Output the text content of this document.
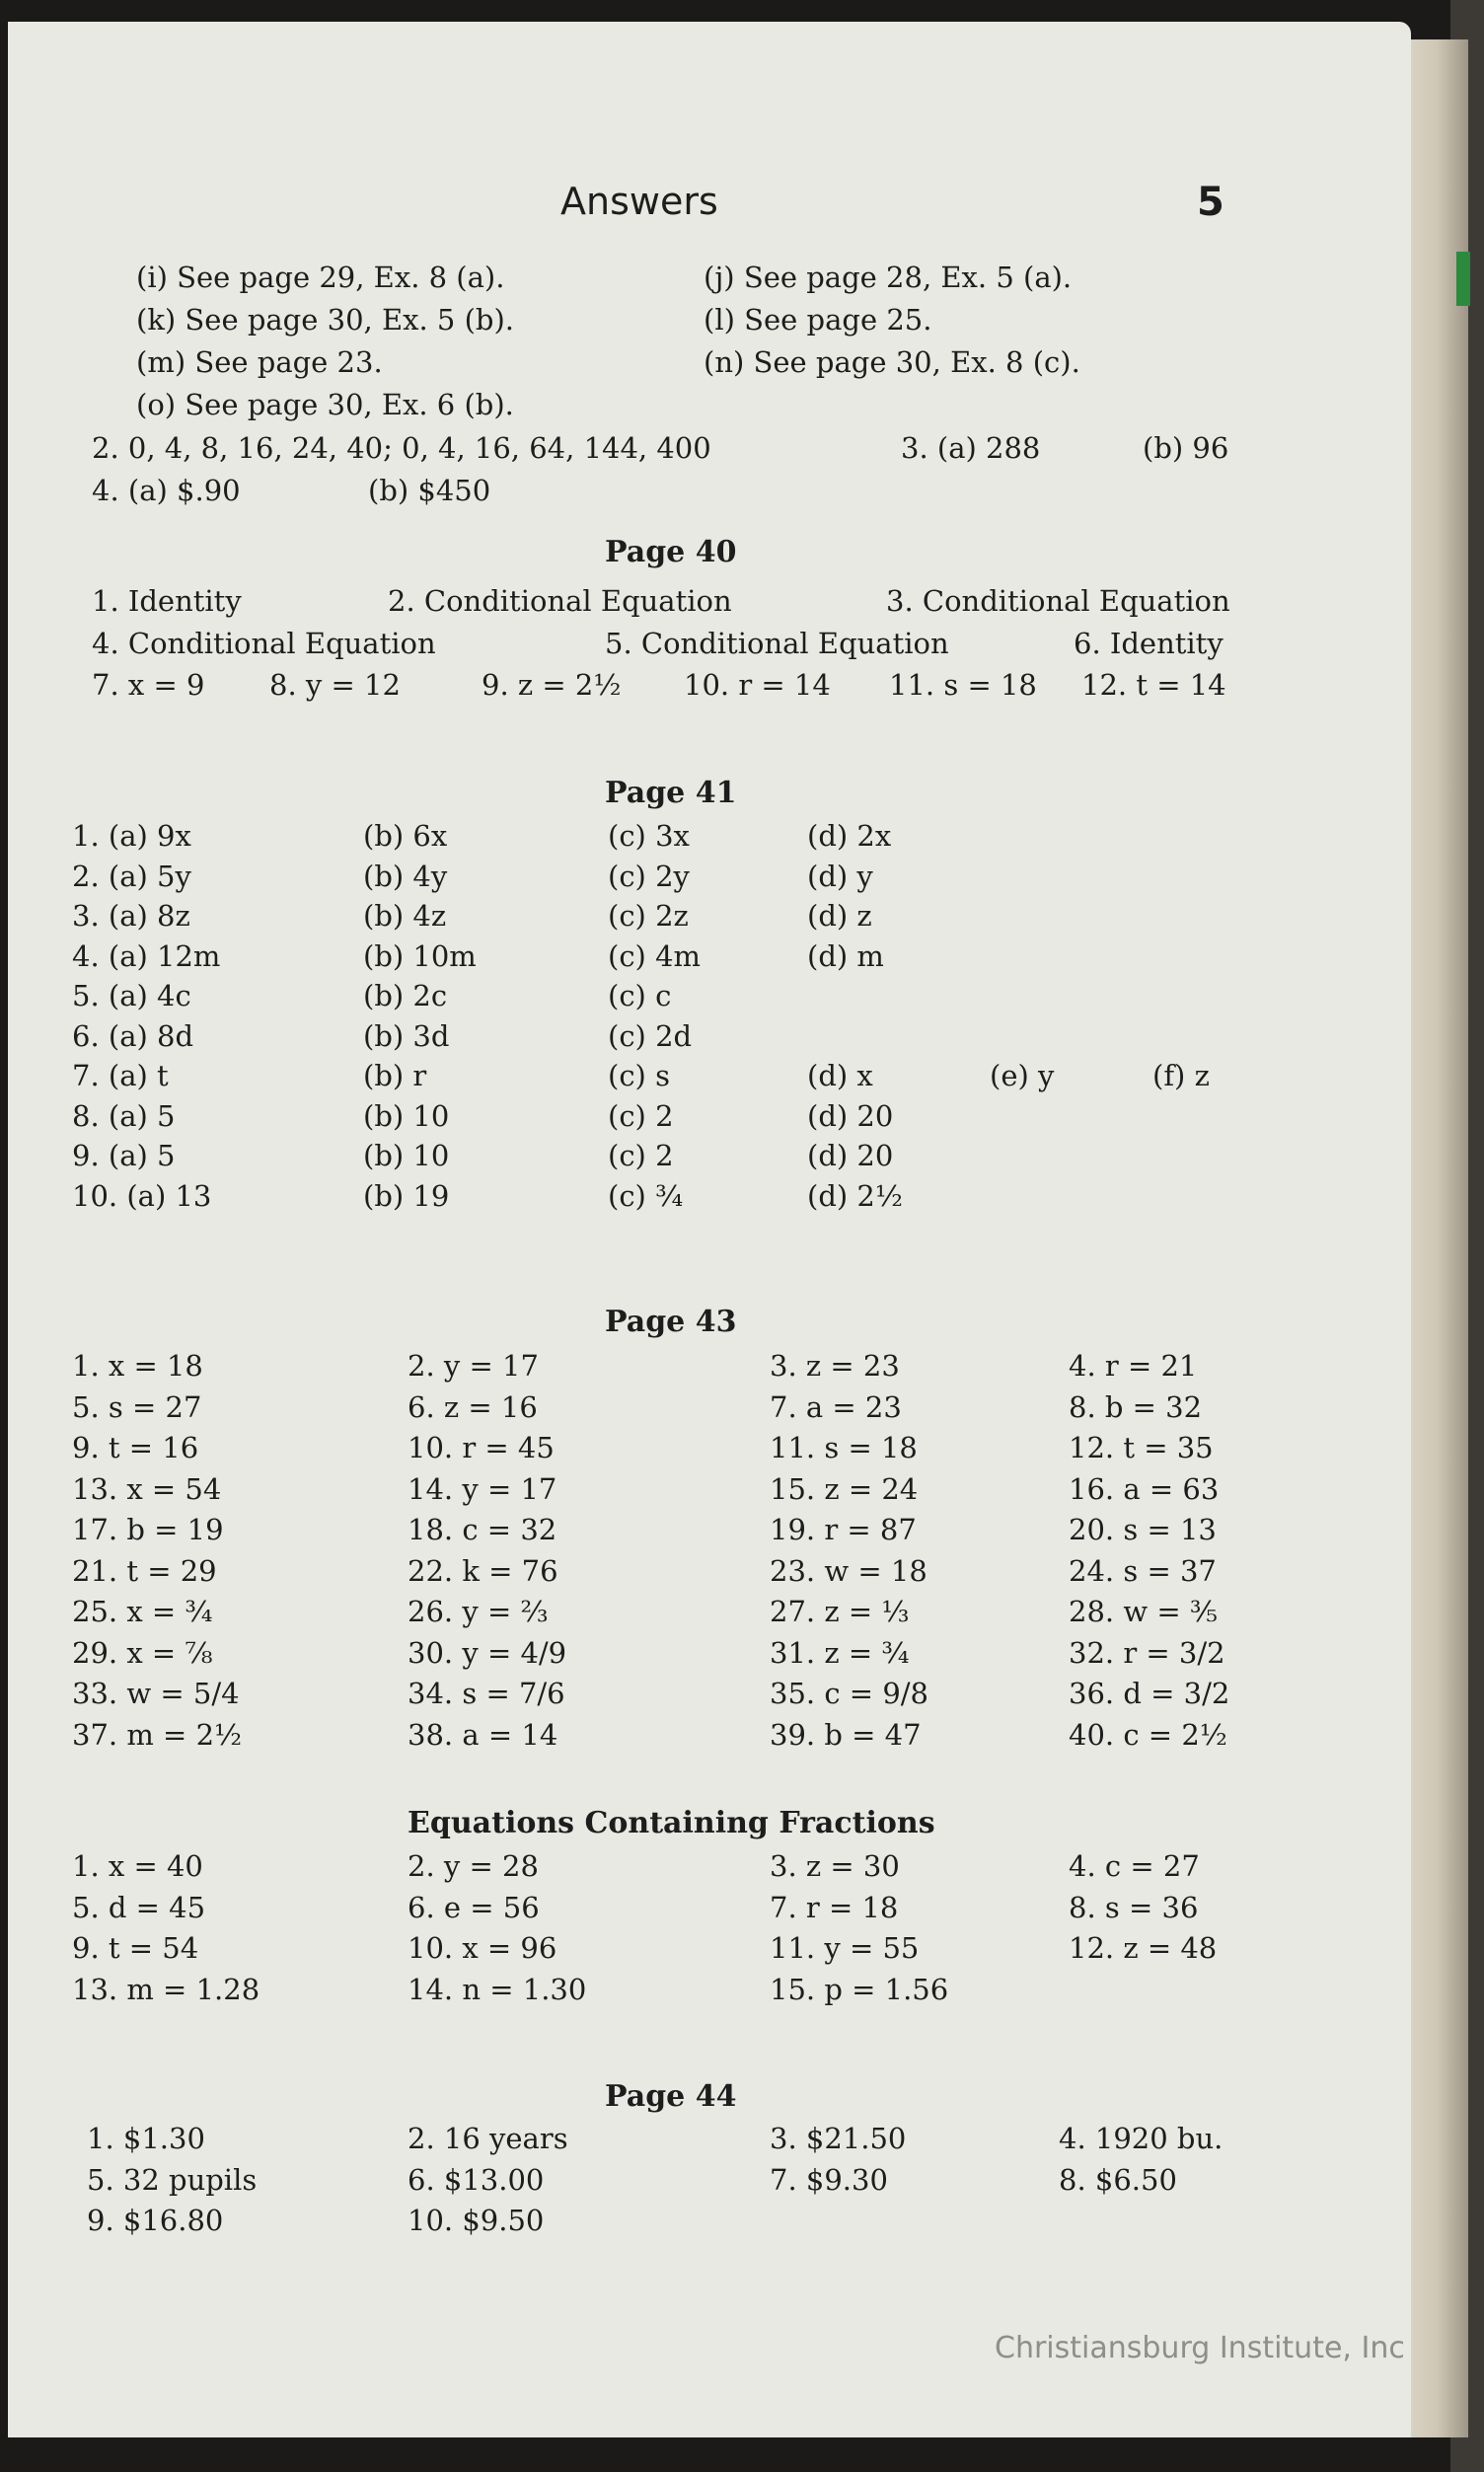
Answers	5
(i) See page 29, Ex. 8 (a).	(j) See page 28, Ex. 5 (a).
(k) See page 30, Ex. 5 (b).	(l) See page 25.
(m) See page 23.	(n) See page 30, Ex. 8 (c).
(o) See page 30, Ex. 6 (b).
2. 0, 4, 8, 16, 24, 40; 0, 4, 16, 64, 144, 400	3. (a) 288	(b) 96
4. (a) $.90	(b) $450
Page 40
1. Identity	2. Conditional Equation	3. Conditional Equation
4. Conditional Equation	5. Conditional Equation	6. Identity
7. x = 9 8. y = 12	9. z = 2½ 10. r = 14 11. s = 18 12. t = 14
Page 41
1. (a) 9x	(b) 6x	(c) 3x	(d) 2x
2. (a) 5y	(b) 4y	(c) 2y	(d) y
3. (a) 8z	(b) 4z	(c) 2z	(d) z
4. (a) 12m	(b) 10m	(c) 4m	(d) m
5. (a) 4c	(b) 2c	(c) c
6. (a) 8d	(b) 3d	(c) 2d
7. (a) t	(b) r	(c) s	(d) x	(e) y	(f) z
8. (a) 5	(b) 10	(c) 2	(d) 20
9. (a) 5	(b) 10	(c) 2	(d) 20
10. (a) 13	(b) 19	(c) ¾	(d) 2½
Page 43
1. x = 18	2. y = 17	3. z = 23	4. r = 21
5. s = 27	6. z = 16	7. a = 23	8. b = 32
9. t = 16	10. r = 45	11. s = 18	12. t = 35
13. x = 54	14. y = 17	15. z = 24	16. a = 63
17. b = 19	18. c = 32	19. r = 87	20. s = 13
21. t = 29	22. k = 76	23. w = 18	24. s = 37
25. x = ¾	26. y = ⅔	27. z = ⅓	28. w = ⅗
29. x = ⅞	30. y = 4/9	31. z = ¾	32. r = 3/2
33. w = 5/4	34. s = 7/6	35. c = 9/8	36. d = 3/2
37. m = 2½	38. a = 14	39. b = 47	40. c = 2½
Equations Containing Fractions
1. x = 40	2. y = 28	3. z = 30	4. c = 27
5. d = 45	6. e = 56	7. r = 18	8. s = 36
9. t = 54	10. x = 96	11. y = 55	12. z = 48
13. m = 1.28	14. n = 1.30	15. p = 1.56
Page 44
1. $1.30	2. 16 years	3. $21.50	4. 1920 bu.
5. 32 pupils	6. $13.00	7. $9.30	8. $6.50
9. $16.80	10. $9.50
Christiansburg Institute, Inc
